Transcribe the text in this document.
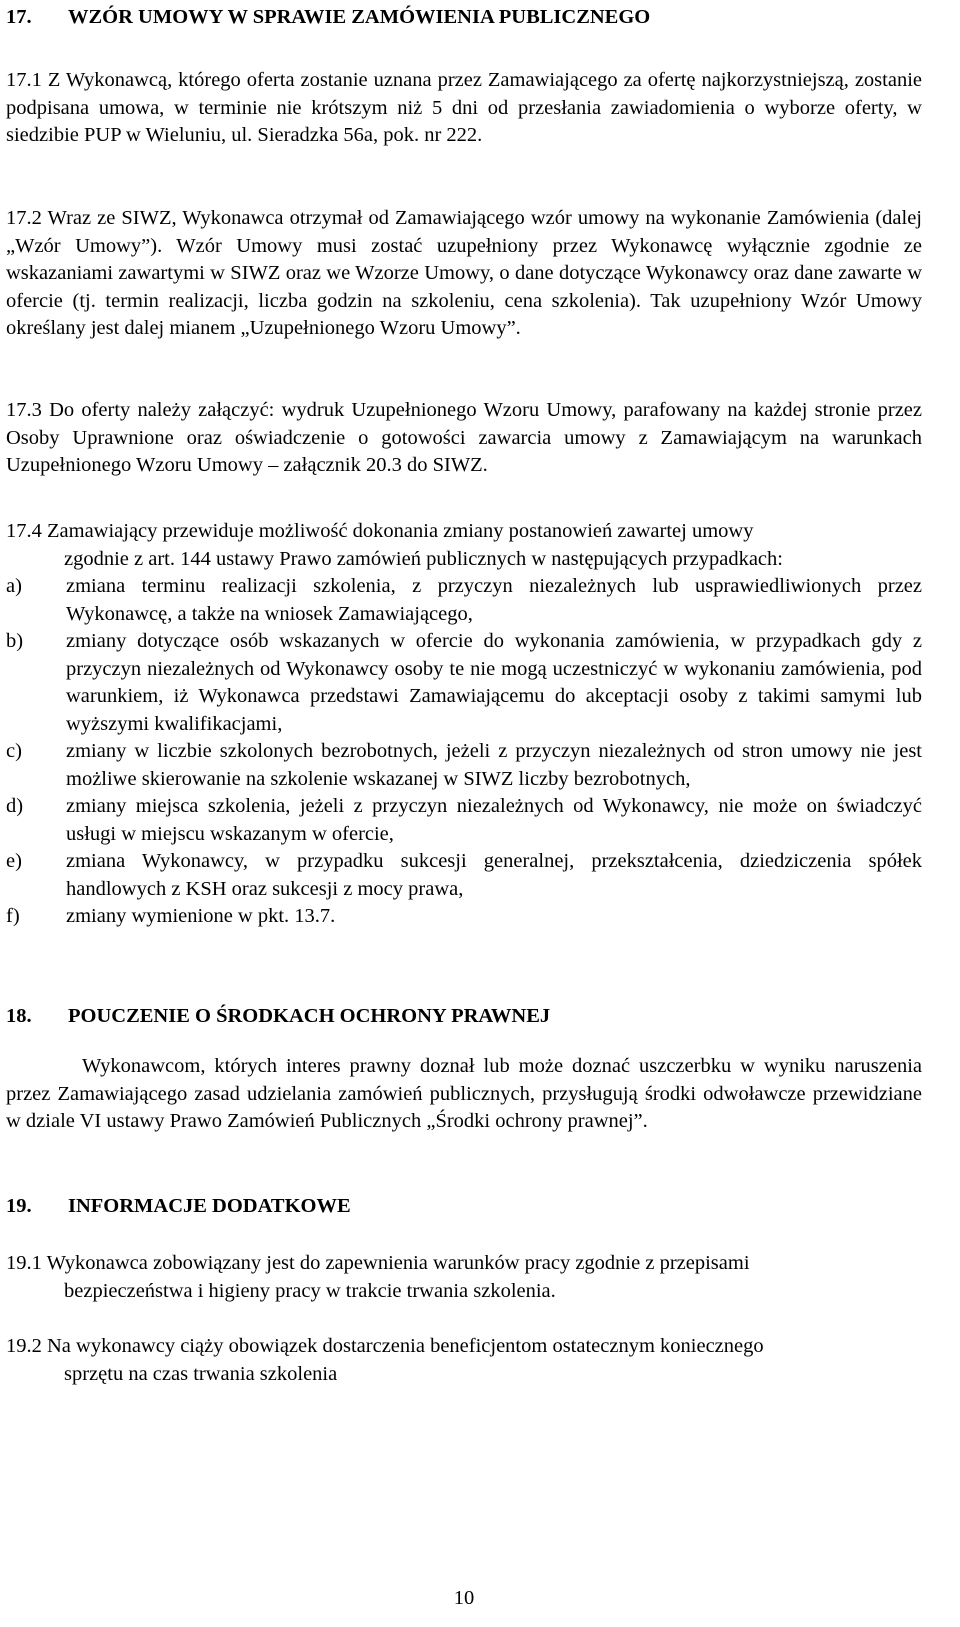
17. WZÓR UMOWY W SPRAWIE ZAMÓWIENIA PUBLICZNEGO
17.1 Z Wykonawcą, którego oferta zostanie uznana przez Zamawiającego za ofertę najkorzystniejszą, zostanie podpisana umowa, w terminie nie krótszym niż 5 dni od przesłania zawiadomienia o wyborze oferty, w siedzibie PUP w Wieluniu, ul. Sieradzka 56a, pok. nr 222.
17.2 Wraz ze SIWZ, Wykonawca otrzymał od Zamawiającego wzór umowy na wykonanie Zamówienia (dalej „Wzór Umowy”). Wzór Umowy musi zostać uzupełniony przez Wykonawcę wyłącznie zgodnie ze wskazaniami zawartymi w SIWZ oraz we Wzorze Umowy, o dane dotyczące Wykonawcy oraz dane zawarte w ofercie (tj. termin realizacji, liczba godzin na szkoleniu, cena szkolenia). Tak uzupełniony Wzór Umowy określany jest dalej mianem „Uzupełnionego Wzoru Umowy”.
17.3 Do oferty należy załączyć: wydruk Uzupełnionego Wzoru Umowy, parafowany na każdej stronie przez Osoby Uprawnione oraz oświadczenie o gotowości zawarcia umowy z Zamawiającym na warunkach Uzupełnionego Wzoru Umowy – załącznik 20.3 do SIWZ.
17.4 Zamawiający przewiduje możliwość dokonania zmiany postanowień zawartej umowy
zgodnie z art. 144 ustawy Prawo zamówień publicznych w następujących przypadkach:
a)	zmiana terminu realizacji szkolenia, z przyczyn niezależnych lub usprawiedliwionych przez Wykonawcę, a także na wniosek Zamawiającego,
b)	zmiany dotyczące osób wskazanych w ofercie do wykonania zamówienia, w przypadkach gdy z przyczyn niezależnych od Wykonawcy osoby te nie mogą uczestniczyć w wykonaniu zamówienia, pod warunkiem, iż Wykonawca przedstawi Zamawiającemu do akceptacji osoby z takimi samymi lub wyższymi kwalifikacjami,
c)	zmiany w liczbie szkolonych bezrobotnych, jeżeli z przyczyn niezależnych od stron umowy nie jest możliwe skierowanie na szkolenie wskazanej w SIWZ liczby bezrobotnych,
d)	zmiany miejsca szkolenia, jeżeli z przyczyn niezależnych od Wykonawcy, nie może on świadczyć usługi w miejscu wskazanym w ofercie,
e)	zmiana Wykonawcy, w przypadku sukcesji generalnej, przekształcenia, dziedziczenia spółek handlowych z KSH oraz sukcesji z mocy prawa,
f)	zmiany wymienione w pkt. 13.7.
18. POUCZENIE O ŚRODKACH OCHRONY PRAWNEJ
Wykonawcom, których interes prawny doznał lub może doznać uszczerbku w wyniku naruszenia przez Zamawiającego zasad udzielania zamówień publicznych, przysługują środki odwoławcze przewidziane w dziale VI ustawy Prawo Zamówień Publicznych „Środki ochrony prawnej”.
19. INFORMACJE DODATKOWE
19.1 Wykonawca zobowiązany jest do zapewnienia warunków pracy zgodnie z przepisami
bezpieczeństwa i higieny pracy w trakcie trwania szkolenia.
19.2 Na wykonawcy ciąży obowiązek dostarczenia beneficjentom ostatecznym koniecznego
sprzętu na czas trwania szkolenia
10
